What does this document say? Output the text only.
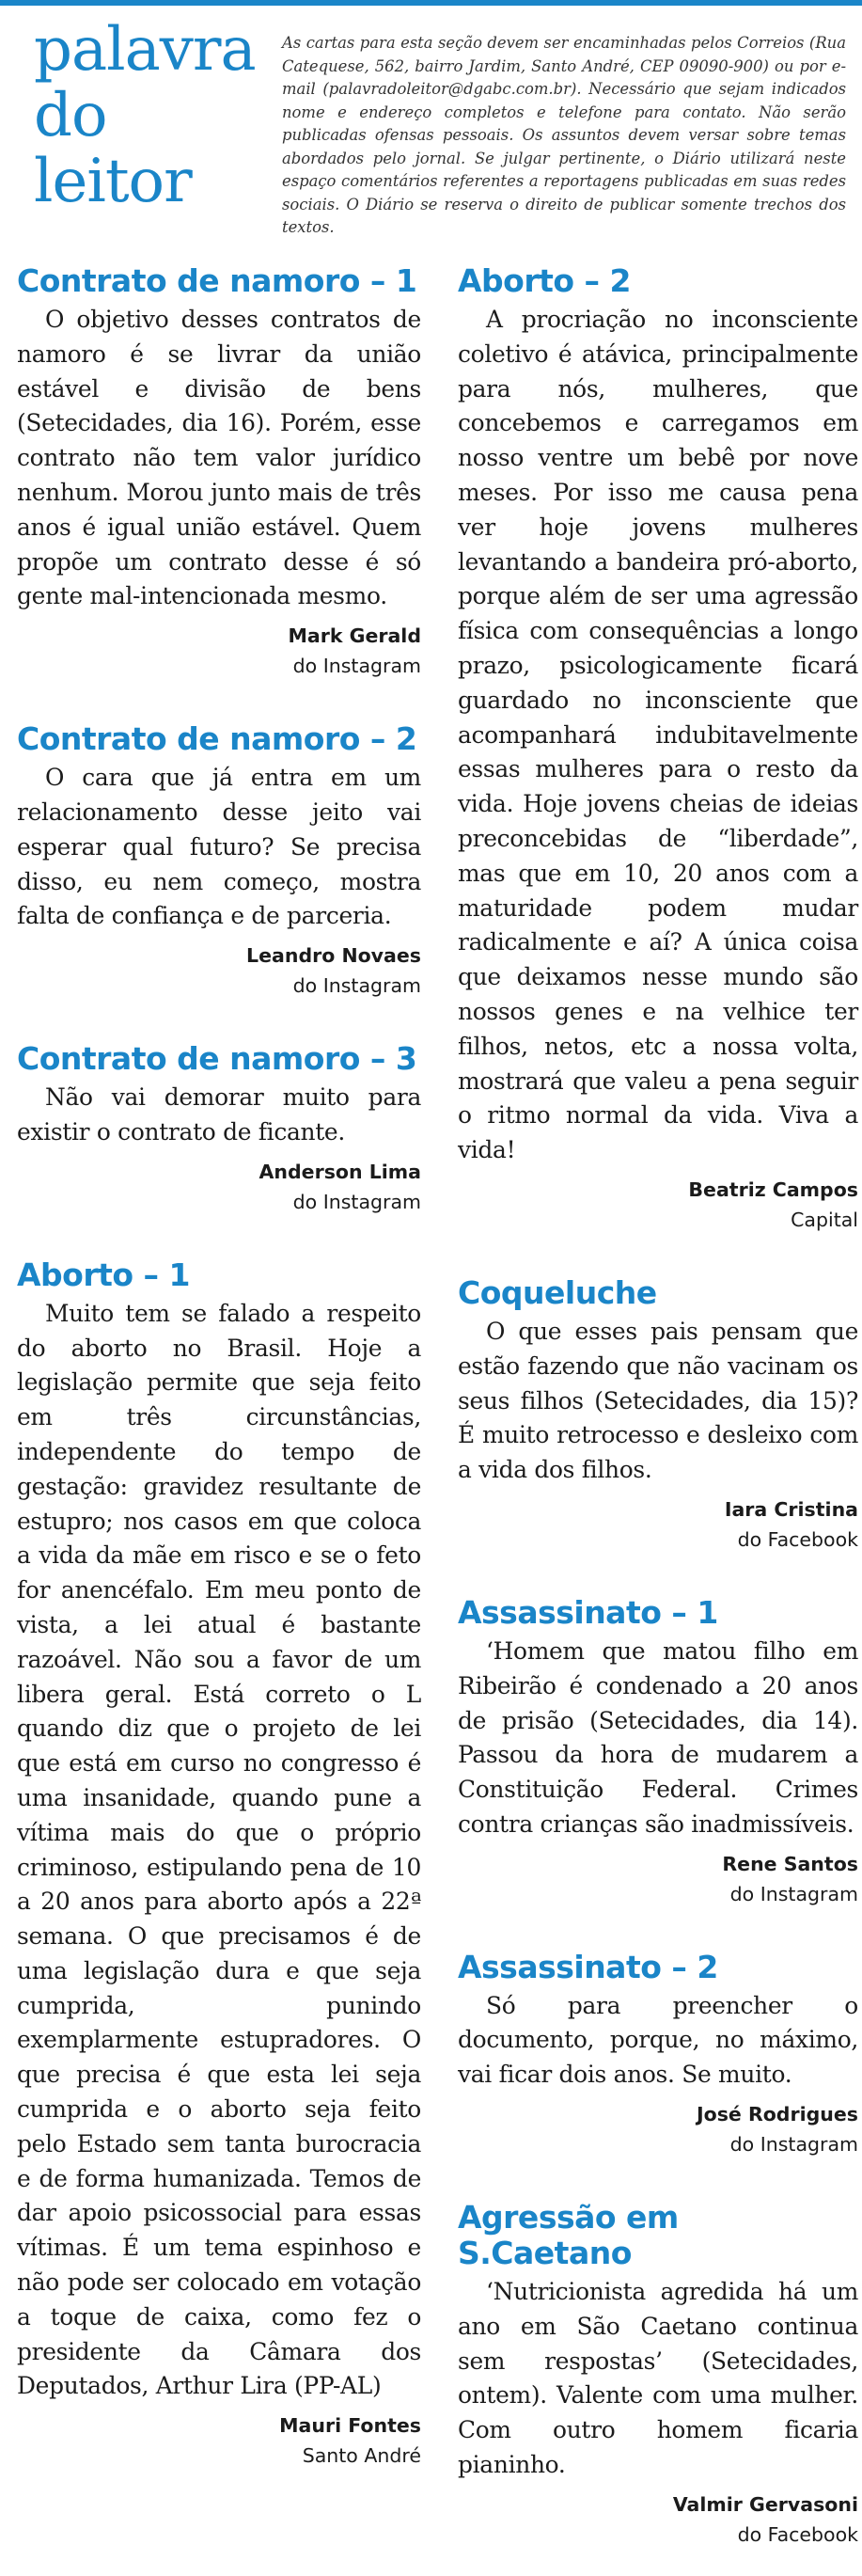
palavra
do leitor

As cartas para esta seção devem ser encaminhadas pelos Correios (Rua Catequese, 562, bairro Jardim, Santo André, CEP 09090-900) ou por e-mail (palavradoleitor@dgabc.com.br). Necessário que sejam indicados nome e endereço completos e telefone para contato. Não serão publicadas ofensas pessoais. Os assuntos devem versar sobre temas abordados pelo jornal. Se julgar pertinente, o Diário utilizará neste espaço comentários referentes a reportagens publicadas em suas redes sociais. O Diário se reserva o direito de publicar somente trechos dos textos.

Contrato de namoro – 1

O objetivo desses contratos de namoro é se livrar da união estável e divisão de bens (Setecidades, dia 16). Porém, esse contrato não tem valor jurídico nenhum. Morou junto mais de três anos é igual união estável. Quem propõe um contrato desse é só gente mal-intencionada mesmo.

Mark Gerald
do Instagram
Contrato de namoro – 2

O cara que já entra em um relacionamento desse jeito vai esperar qual futuro? Se precisa disso, eu nem começo, mostra falta de confiança e de parceria.

Leandro Novaes
do Instagram
Contrato de namoro – 3

Não vai demorar muito para existir o contrato de ficante.

Anderson Lima
do Instagram
Aborto – 1

Muito tem se falado a respeito do aborto no Brasil. Hoje a legislação permite que seja feito em três circunstâncias, independente do tempo de gestação: gravidez resultante de estupro; nos casos em que coloca a vida da mãe em risco e se o feto for anencéfalo. Em meu ponto de vista, a lei atual é bastante razoável. Não sou a favor de um libera geral. Está correto o L quando diz que o projeto de lei que está em curso no congresso é uma insanidade, quando pune a vítima mais do que o próprio criminoso, estipulando pena de 10 a 20 anos para aborto após a 22ª semana. O que precisamos é de uma legislação dura e que seja cumprida, punindo exemplarmente estupradores. O que precisa é que esta lei seja cumprida e o aborto seja feito pelo Estado sem tanta burocracia e de forma humanizada. Temos de dar apoio psicossocial para essas vítimas. É um tema espinhoso e não pode ser colocado em votação a toque de caixa, como fez o presidente da Câmara dos Deputados, Arthur Lira (PP-AL)

Mauri Fontes
Santo André
Aborto – 2

A procriação no inconsciente coletivo é atávica, principalmente para nós, mulheres, que concebemos e carregamos em nosso ventre um bebê por nove meses. Por isso me causa pena ver hoje jovens mulheres levantando a bandeira pró-aborto, porque além de ser uma agressão física com consequências a longo prazo, psicologicamente ficará guardado no inconsciente que acompanhará indubitavelmente essas mulheres para o resto da vida. Hoje jovens cheias de ideias preconcebidas de “liberdade”, mas que em 10, 20 anos com a maturidade podem mudar radicalmente e aí? A única coisa que deixamos nesse mundo são nossos genes e na velhice ter filhos, netos, etc a nossa volta, mostrará que valeu a pena seguir o ritmo normal da vida. Viva a vida!

Beatriz Campos
Capital
Coqueluche

O que esses pais pensam que estão fazendo que não vacinam os seus filhos (Setecidades, dia 15)? É muito retrocesso e desleixo com a vida dos filhos.

Iara Cristina
do Facebook
Assassinato – 1

‘Homem que matou filho em Ribeirão é condenado a 20 anos de prisão (Setecidades, dia 14). Passou da hora de mudarem a Constituição Federal. Crimes contra crianças são inadmissíveis.

Rene Santos
do Instagram
Assassinato – 2

Só para preencher o documento, porque, no máximo, vai ficar dois anos. Se muito.

José Rodrigues
do Instagram
Agressão em S.Caetano

‘Nutricionista agredida há um ano em São Caetano continua sem respostas’ (Setecidades, ontem). Valente com uma mulher. Com outro homem ficaria pianinho.

Valmir Gervasoni
do Facebook
